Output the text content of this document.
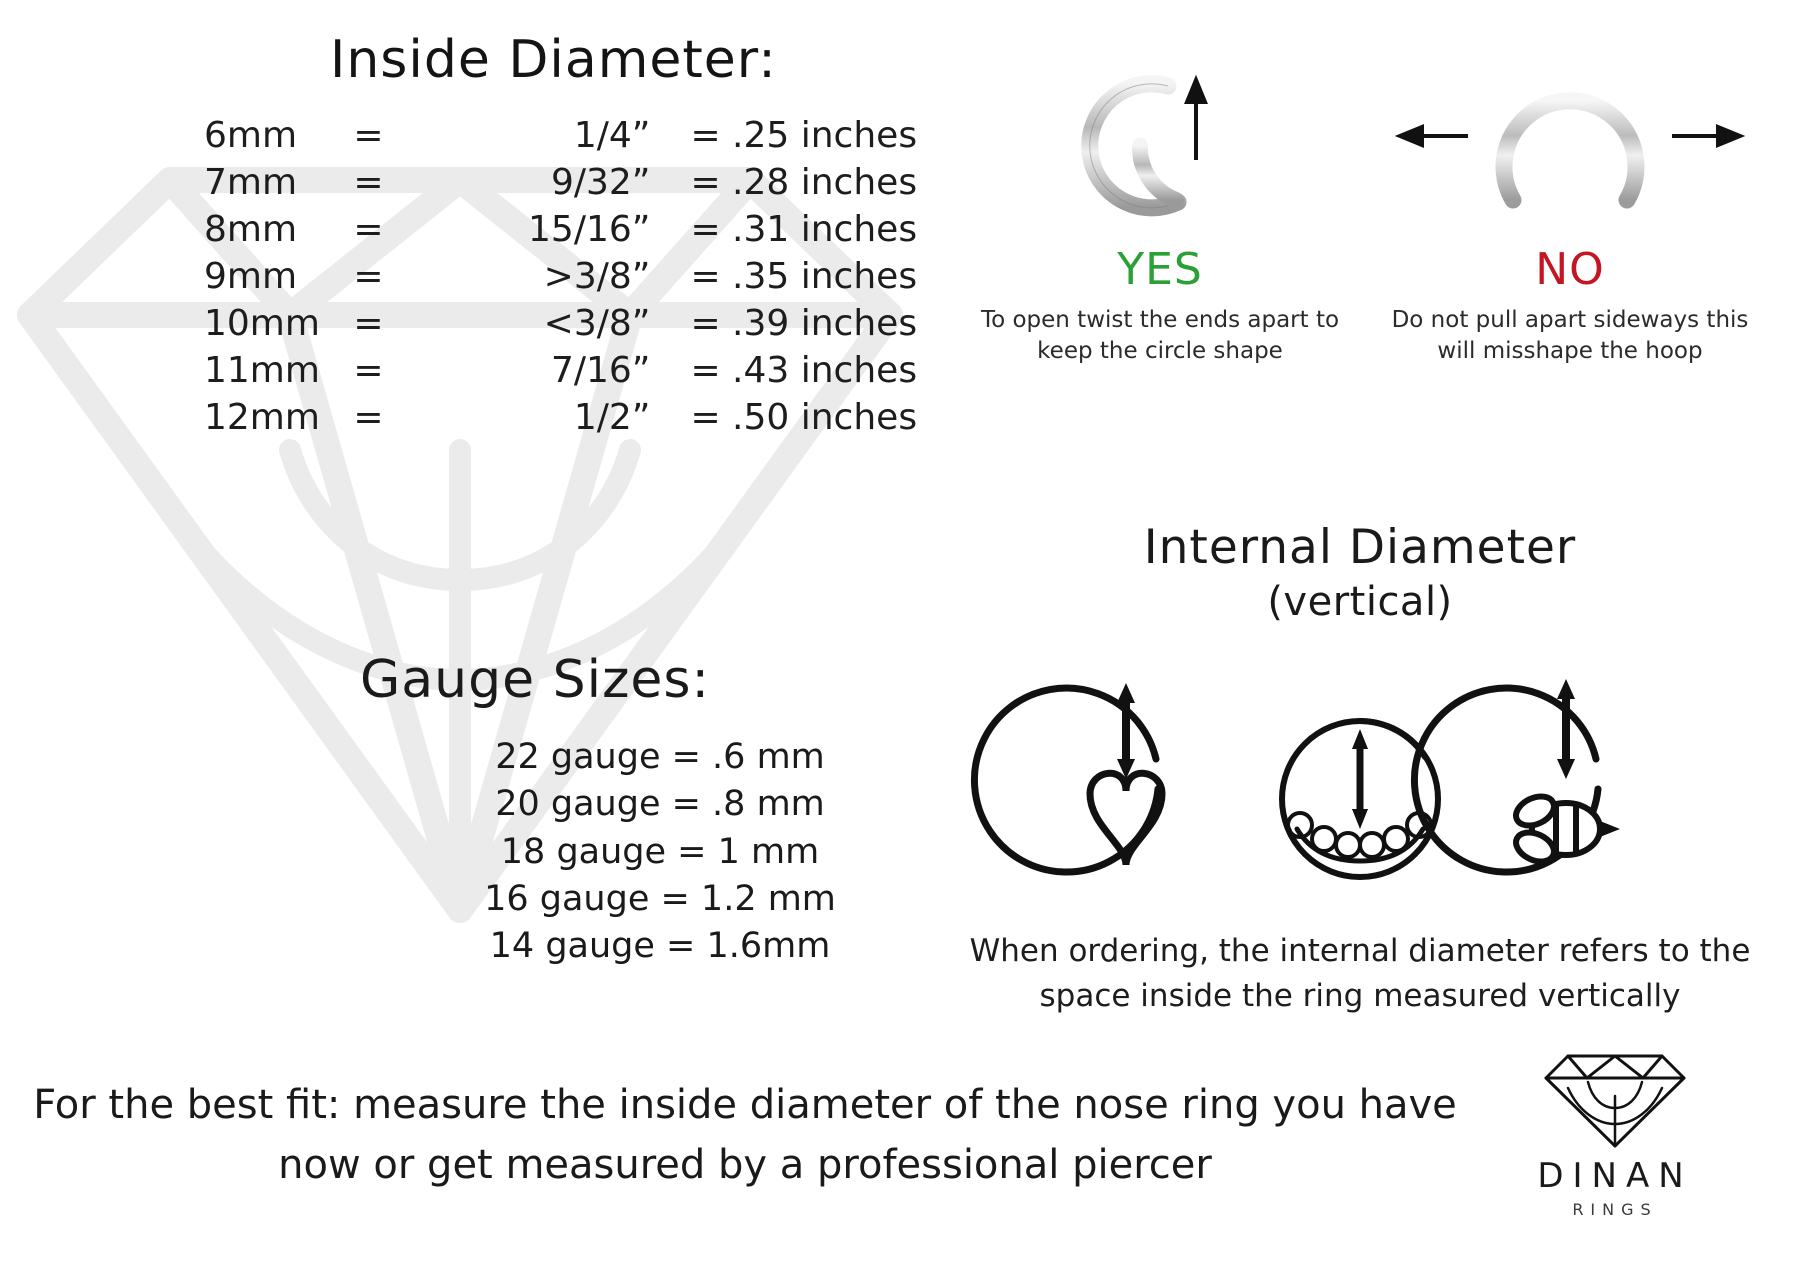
Inside Diameter:
6mm	=	1/4”	= .25 inches
7mm	=	9/32”	= .28 inches
8mm	=	15/16”	= .31 inches
9mm	=	>3/8”	= .35 inches
10mm	=	<3/8”	= .39 inches
11mm	=	7/16”	= .43 inches
12mm	=	1/2”	= .50 inches
Gauge Sizes:
22 gauge = .6 mm
20 gauge = .8 mm
18 gauge = 1 mm
16 gauge = 1.2 mm
14 gauge = 1.6mm
YES
To open twist the ends apart to keep the circle shape
NO
Do not pull apart sideways this will misshape the hoop
Internal Diameter
(vertical)
When ordering, the internal diameter refers to the space inside the ring measured vertically
For the best fit: measure the inside diameter of the nose ring you have now or get measured by a professional piercer	DINAN
RINGS
